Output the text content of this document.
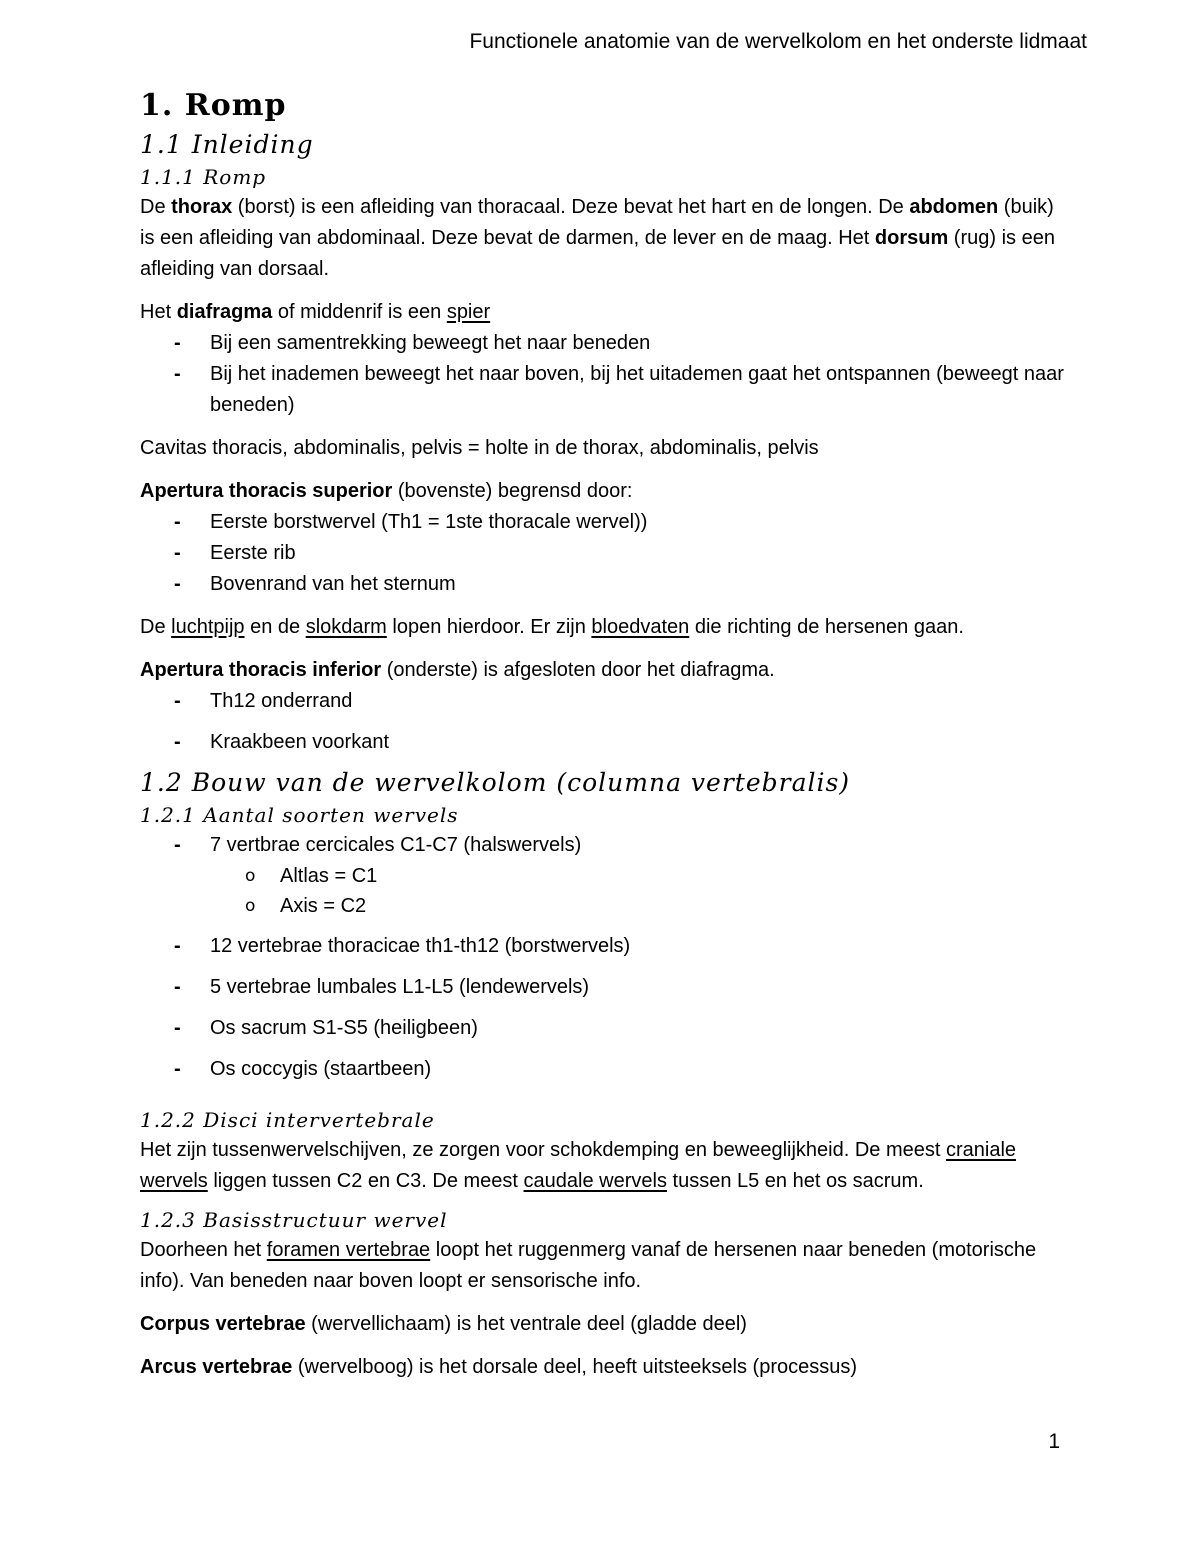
Functionele anatomie van de wervelkolom en het onderste lidmaat
1. Romp
1.1 Inleiding
1.1.1 Romp

De thorax (borst) is een afleiding van thoracaal. Deze bevat het hart en de longen. De abdomen (buik) is een afleiding van abdominaal. Deze bevat de darmen, de lever en de maag. Het dorsum (rug) is een afleiding van dorsaal.

Het diafragma of middenrif is een spier

- Bij een samentrekking beweegt het naar beneden
- Bij het inademen beweegt het naar boven, bij het uitademen gaat het ontspannen (beweegt naar beneden)

Cavitas thoracis, abdominalis, pelvis = holte in de thorax, abdominalis, pelvis

Apertura thoracis superior (bovenste) begrensd door:

- Eerste borstwervel (Th1 = 1ste thoracale wervel))
- Eerste rib
- Bovenrand van het sternum

De luchtpijp en de slokdarm lopen hierdoor. Er zijn bloedvaten die richting de hersenen gaan.

Apertura thoracis inferior (onderste) is afgesloten door het diafragma.

- Th12 onderrand
- Kraakbeen voorkant
1.2 Bouw van de wervelkolom (columna vertebralis)
1.2.1 Aantal soorten wervels
- 7 vertbrae cercicales C1-C7 (halswervels)
o Altlas = C1
o Axis = C2
- 12 vertebrae thoracicae th1-th12 (borstwervels)
- 5 vertebrae lumbales L1-L5 (lendewervels)
- Os sacrum S1-S5 (heiligbeen)
- Os coccygis (staartbeen)
1.2.2 Disci intervertebrale

Het zijn tussenwervelschijven, ze zorgen voor schokdemping en beweeglijkheid. De meest craniale wervels liggen tussen C2 en C3. De meest caudale wervels tussen L5 en het os sacrum.

1.2.3 Basisstructuur wervel

Doorheen het foramen vertebrae loopt het ruggenmerg vanaf de hersenen naar beneden (motorische info). Van beneden naar boven loopt er sensorische info.

Corpus vertebrae (wervellichaam) is het ventrale deel (gladde deel)

Arcus vertebrae (wervelboog) is het dorsale deel, heeft uitsteeksels (processus)

1
